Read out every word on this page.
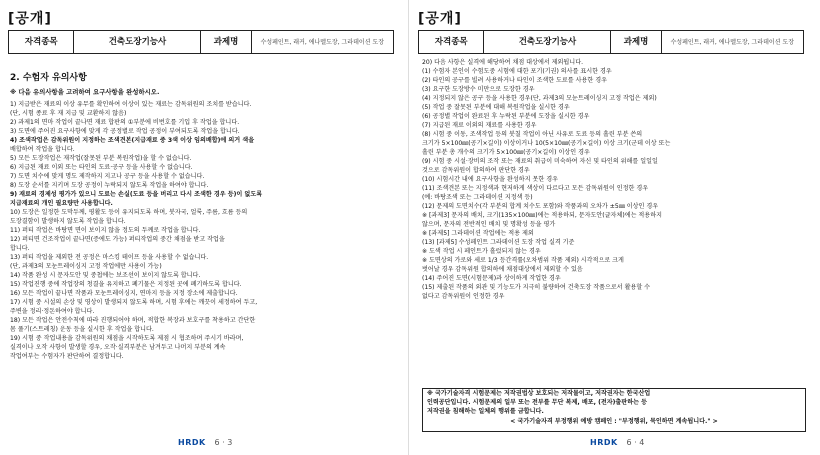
[공개]
자격종목	건축도장기능사	과제명	수성페인트, 래커, 에나멜도장, 그라데이션 도장
2. 수험자 유의사항
※ 다음 유의사항을 고려하여 요구사항을 완성하시오.
1) 지급받은 재료의 이상 유무를 확인하여 이상이 있는 재료는 감독위원의 조치를 받습니다.
(단, 시험 종료 후 재 지급 및 교환하지 않음)
2) 과제1의 면마 작업이 끝나면 재료 합판의 ①부분에 비번호를 기입 후 작업을 합니다.
3) 도면에 주어진 요구사항에 맞게 각 공정별로 작업 공정이 부여되도록 작업을 합니다.
4) 조색작업은 감독위원이 지정하는 조색견본(지급재료 중 3색 이상 임의배합)에 의거 색을
배합하여 작업을 합니다.
5) 모든 도장작업은 재작업(잘못된 부분 복원작업)을 할 수 없습니다.
6) 지급된 재료 이외 또는 타인의 도료·공구 등을 사용할 수 없습니다.
7) 도면 치수에 맞게 명도 제작하지 지고나 공구 등을 사용할 수 없습니다.
8) 도장 순서를 지키며 도장 공정이 누락되지 않도록 작업을 하여야 합니다.
9) 재료의 경제성 평가가 있으니 도료는 손실(도료 등을 버리고 다시 조색한 경우 등)이 없도록
지급재료의 개인 필요량만 사용합니다.
10) 도장은 일정한 도막두께, 평활도 등이 유지되도록 하며, 붓자국, 얼룩, 주름, 흐름 등의
도장결함이 발생하지 않도록 작업을 합니다.
11) 퍼티 작업은 바탕면 면이 보이지 않을 정도의 두께로 작업을 합니다.
12) 퍼티면 건조작업이 끝나면(증에도 가능) 퍼티작업의 중간 채점을 받고 작업을
합니다.
13) 퍼티 작업을 제외한 전 공정은 마스킹 테이프 등을 사용할 수 없습니다.
(단, 과제3의 모눈트레이싱지 고정 작업에만 사용이 가능)
14) 작품 완성 시 문자도안 및 중첩에는 보조선이 보이지 않도록 합니다.
15) 작업진행 중에 작업장의 청결을 유지하고 폐기물은 지정된 곳에 폐기하도록 합니다.
16) 모든 작업이 끝나면 작품과 모눈트레이싱지, 연마지 등을 지정 장소에 제출합니다.
17) 시험 중 시설의 손상 및 영상이 발생되지 않도록 하며, 시험 후에는 깨끗이 세정하여 두고,
주변을 정리·정돈하여야 합니다.
18) 모든 작업은 안전수칙에 따라 진행되어야 하며, 적합한 복장과 보호구를 착용하고 간단한
몸 풀기(스트레칭) 운동 등을 실시한 후 작업을 합니다.
19) 시험 중 작업내용을 감독위원의 채점을 시작하도록 제점 시 협조하며 주시기 바라며,
실격이나 오작 사항이 발생할 경우, 오작·실격부분은 남겨두고 나머지 부분의 계속
작업여부는 수험자가 판단하여 결정합니다.
HRDK 6 · 3
[공개]
자격종목	건축도장기능사	과제명	수성페인트, 래커, 에나멜도장, 그라데이션 도장
20) 다음 사항은 실격에 해당하여 채점 대상에서 제외됩니다.
(1) 수험자 본인이 수험도중 시험에 대한 포기(기권) 의사를 표시한 경우
(2) 타인의 공구를 빌려 사용하거나 타인이 조색한 도료를 사용한 경우
(3) 요구한 도장방수 미만으로 도장한 경우
(4) 지정되지 않은 공구 등을 사용한 경우(단, 과제3의 모눈트레이싱지 고정 작업은 제외)
(5) 작업 중 잘못된 부분에 대해 복원작업을 실시한 경우
(6) 공정별 작업이 완료된 후 누락된 부분에 도장을 실시한 경우
(7) 지급된 재료 이외의 재료를 사용한 경우
(8) 시험 중 이동, 조색작업 등의 붓칠 작업이 아닌 사유로 도료 등의 흘린 부분 쓴의
크기가 5×100㎜(공기×길이) 이상이거나 10(5×10㎜(공기×길이) 이상 크기(군데 이상 또는
흘린 부분 총 개수의 크기가 5×100㎜(공기×길이) 이상인 경우
(9) 시험 중 시설·장비의 조작 또는 재료의 취급이 미숙하여 자신 및 타인의 위해를 일일일
것으로 감독위원이 합의하여 판단한 경우
(10) 시험시간 내에 요구사항을 완성하지 못한 경우
(11) 조색견본 또는 지정색과 현저하게 색상이 다르다고 모든 감독위원이 인정한 경우
(예: 바탕조색 또는 그라데이션 지정색 등)
(12) 문제의 도면치수(각 부분의 합계 치수도 포함)와 작품과의 오차가 ±5㎜ 이상인 경우
※ [과제3] 문자의 배치, 크기(135×100㎜)에는 적용하되, 문자도안(글자체)에는 적용하지
않으며, 문자의 전반적인 배치 및 명확성 등을 평가
※ [과제5] 그라데이션 작업에는 적용 제외
(13) [과제5] 수성페인트 그라데이션 도장 작업 실격 기준
※ 도색 작업 시 페인트가 흘렀되지 않는 경우
※ 도면상의 가로와 세로 1/3 등간격률(오차범위 작품 제외) 시각적으로 크게
벗어날 경우 감독위원 합의하에 채점대상에서 제외할 수 있음
(14) 주어진 도면(시험문제)과 상이하게 작업한 경우
(15) 제출된 작품의 외관 및 기능도가 지극히 불량하여 건축도장 작품으로서 활용할 수
없다고 감독위원이 인정한 경우
※ 국가기술자격 시험문제는 저작권법상 보호되는 저작물이고, 저작권자는 한국산업
인력공단입니다. 시험문제의 일부 또는 전부를 무단 복제, 배포, (전자)출판하는 등
저작권을 침해하는 일체의 행위를 금합니다.
< 국가기술자격 부정행위 예방 캠페인 : "부정행위, 묵인하면 계속됩니다." >
HRDK 6 · 4
